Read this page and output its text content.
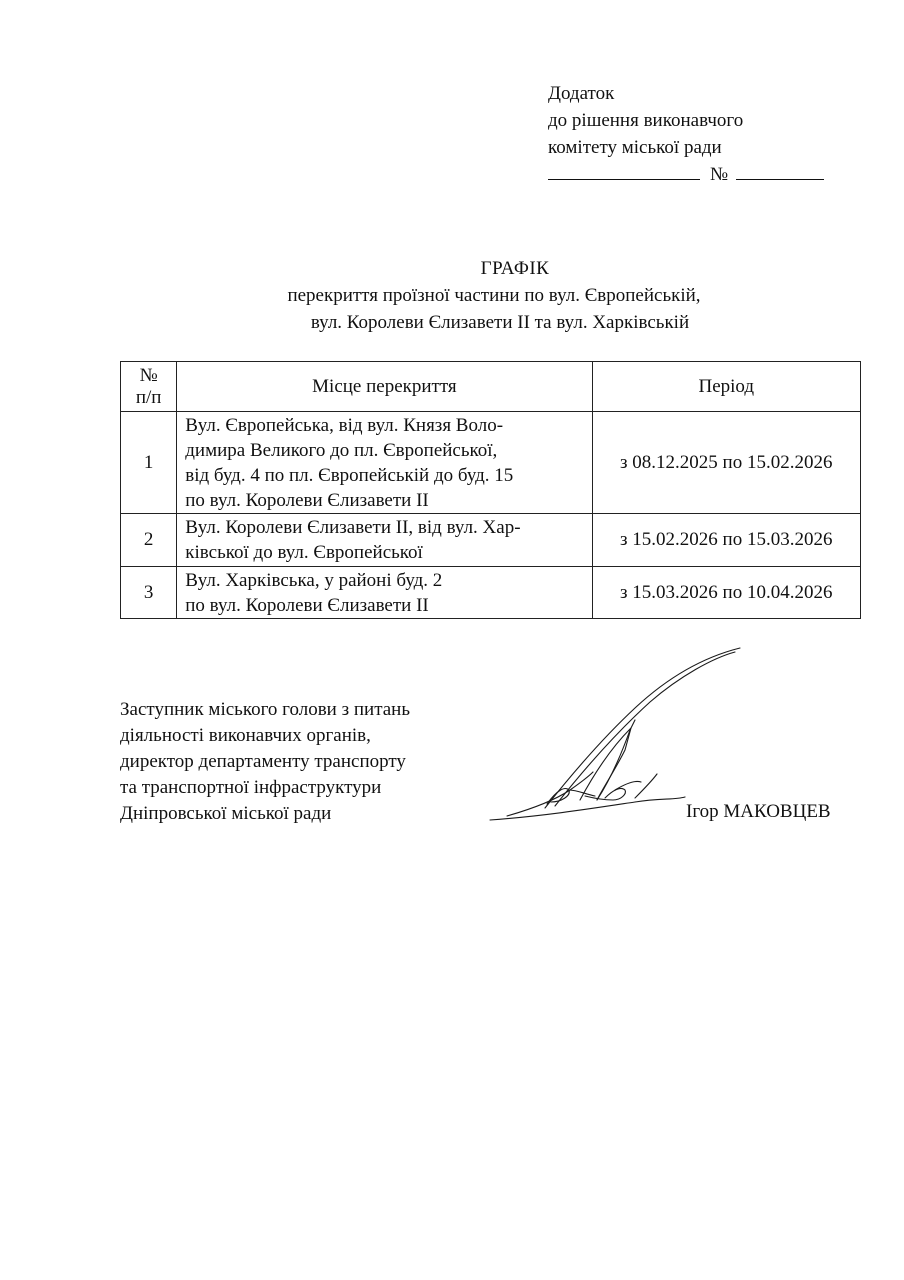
Додаток
до рішення виконавчого
комітету міської ради
№
ГРАФІК
перекриття проїзної частини по вул. Європейській,
вул. Королеви Єлизавети ІІ та вул. Харківській
№
п/п	Місце перекриття	Період
1	Вул. Європейська, від вул. Князя Воло-
димира Великого до пл. Європейської,
від буд. 4 по пл. Європейській до буд. 15
по вул. Королеви Єлизавети ІІ	з 08.12.2025 по 15.02.2026
2	Вул. Королеви Єлизавети ІІ, від вул. Хар-
ківської до вул. Європейської	з 15.02.2026 по 15.03.2026
3	Вул. Харківська, у районі буд. 2
по вул. Королеви Єлизавети ІІ	з 15.03.2026 по 10.04.2026
Заступник міського голови з питань
діяльності виконавчих органів,
директор департаменту транспорту
та транспортної інфраструктури
Дніпровської міської ради	Ігор МАКОВЦЕВ
